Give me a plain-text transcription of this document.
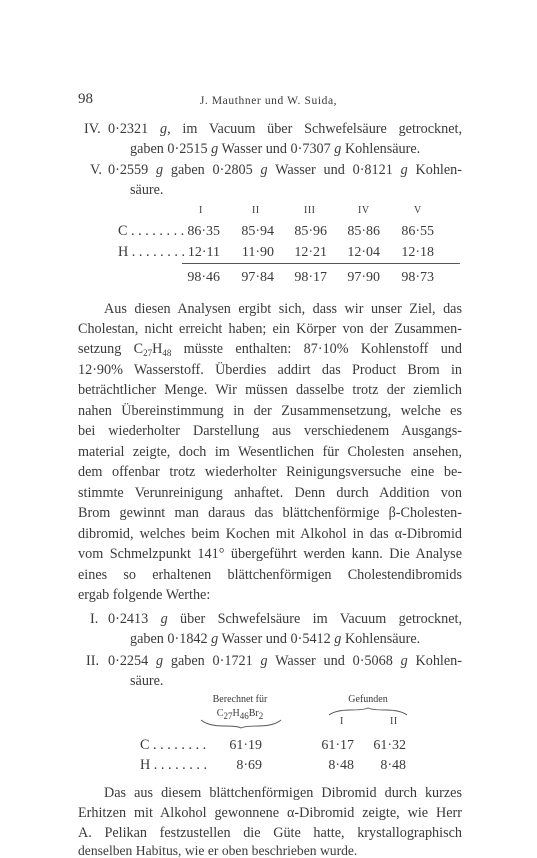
98	J. Mauthner und W. Suida,
IV. 0·2321 g, im Vacuum über Schwefelsäure getrocknet,
gaben 0·2515 g Wasser und 0·7307 g Kohlensäure.
V. 0·2559 g gaben 0·2805 g Wasser und 0·8121 g Kohlen-
säure.
I	II	III	IV	V
C . . . . . . . . 86·35	85·94	85·96	85·86	86·55
H . . . . . . . . 12·11	11·90	12·21	12·04	12·18
98·46	97·84	98·17	97·90	98·73
Aus diesen Analysen ergibt sich, dass wir unser Ziel, das
Cholestan, nicht erreicht haben; ein Körper von der Zusammen-
setzung $C_{27}H_{48}$ müsste enthalten: 87·10% Kohlenstoff und
12·90% Wasserstoff. Überdies addirt das Product Brom in
beträchtlicher Menge. Wir müssen dasselbe trotz der ziemlich
nahen Übereinstimmung in der Zusammensetzung, welche es
bei wiederholter Darstellung aus verschiedenem Ausgangs-
material zeigte, doch im Wesentlichen für Cholesten ansehen,
dem offenbar trotz wiederholter Reinigungsversuche eine be-
stimmte Verunreinigung anhaftet. Denn durch Addition von
Brom gewinnt man daraus das blättchenförmige β-Cholesten-
dibromid, welches beim Kochen mit Alkohol in das α-Dibromid
vom Schmelzpunkt 141° übergeführt werden kann. Die Analyse
eines so erhaltenen blättchenförmigen Cholestendibromids
ergab folgende Werthe:
I. 0·2413 g über Schwefelsäure im Vacuum getrocknet,
gaben 0·1842 g Wasser und 0·5412 g Kohlensäure.
II. 0·2254 g gaben 0·1721 g Wasser und 0·5068 g Kohlen-
säure.
Berechnet für
$C_{27}H_{46}Br_2$
Gefunden
I	II
C . . . . . . . .	61·19	61·17	61·32
H . . . . . . . .	8·69	8·48	8·48
Das aus diesem blättchenförmigen Dibromid durch kurzes
Erhitzen mit Alkohol gewonnene α-Dibromid zeigte, wie Herr
A. Pelikan festzustellen die Güte hatte, krystallographisch
denselben Habitus, wie er oben beschrieben wurde.
